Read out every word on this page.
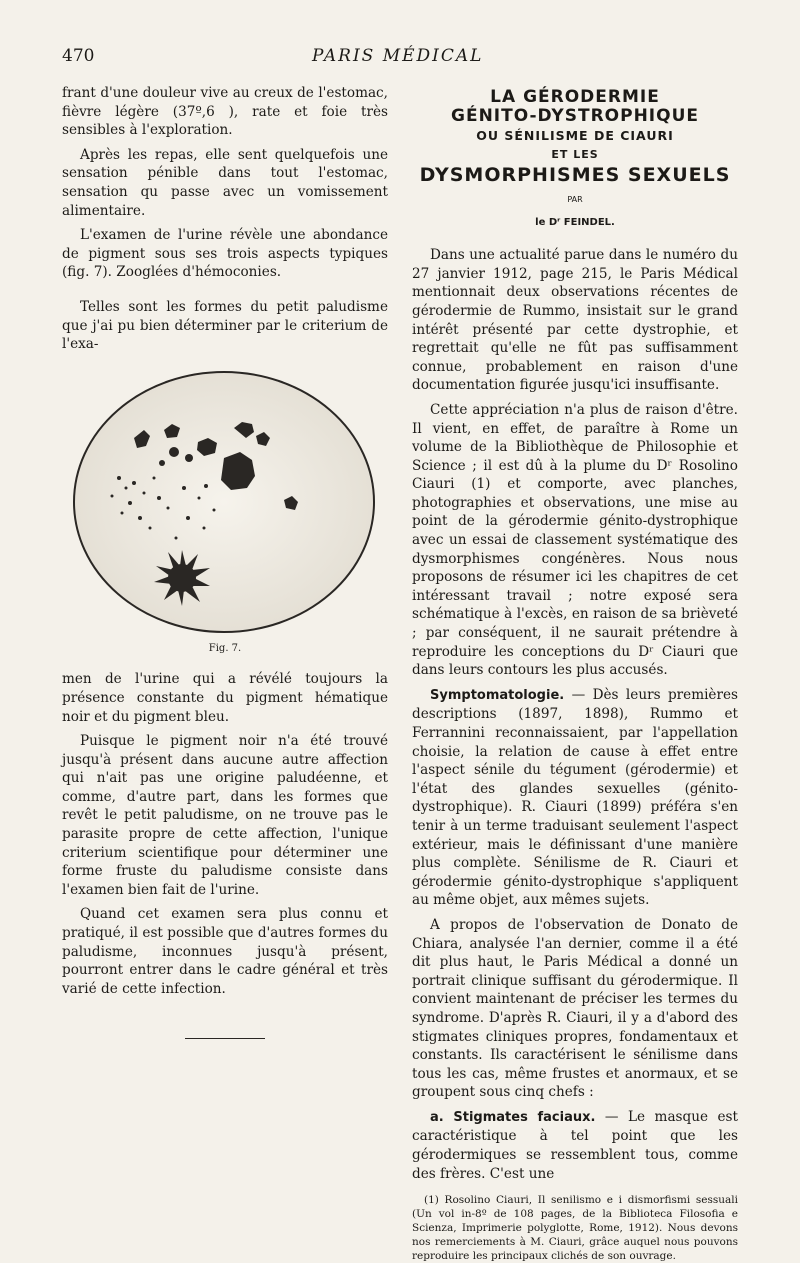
470	PARIS MÉDICAL

frant d'une douleur vive au creux de l'estomac, fièvre légère (37º,6 ), rate et foie très sensibles à l'exploration.

Après les repas, elle sent quelquefois une sensation pénible dans tout l'estomac, sensation qu passe avec un vomissement alimentaire.

L'examen de l'urine révèle une abondance de pigment sous ses trois aspects typiques (fig. 7). Zooglées d'hémoconies.

Telles sont les formes du petit paludisme que j'ai pu bien déterminer par le criterium de l'exa-

Fig. 7.

men de l'urine qui a révélé toujours la présence constante du pigment hématique noir et du pigment bleu.

Puisque le pigment noir n'a été trouvé jusqu'à présent dans aucune autre affection qui n'ait pas une origine paludéenne, et comme, d'autre part, dans les formes que revêt le petit paludisme, on ne trouve pas le parasite propre de cette affection, l'unique criterium scientifique pour déterminer une forme fruste du paludisme consiste dans l'examen bien fait de l'urine.

Quand cet examen sera plus connu et pratiqué, il est possible que d'autres formes du paludisme, inconnues jusqu'à présent, pourront entrer dans le cadre général et très varié de cette infection.

LA GÉRODERMIE
GÉNITO-DYSTROPHIQUE
OU SÉNILISME DE CIAURI
ET LES
DYSMORPHISMES SEXUELS
PAR
le Dʳ FEINDEL.

Dans une actualité parue dans le numéro du 27 janvier 1912, page 215, le Paris Médical mentionnait deux observations récentes de gérodermie de Rummo, insistait sur le grand intérêt présenté par cette dystrophie, et regrettait qu'elle ne fût pas suffisamment connue, probablement en raison d'une documentation figurée jusqu'ici insuffisante.

Cette appréciation n'a plus de raison d'être. Il vient, en effet, de paraître à Rome un volume de la Bibliothèque de Philosophie et Science ; il est dû à la plume du Dʳ Rosolino Ciauri (1) et comporte, avec planches, photographies et observations, une mise au point de la gérodermie génito-dystrophique avec un essai de classement systématique des dysmorphismes congénères. Nous nous proposons de résumer ici les chapitres de cet intéressant travail ; notre exposé sera schématique à l'excès, en raison de sa brièveté ; par conséquent, il ne saurait prétendre à reproduire les conceptions du Dʳ Ciauri que dans leurs contours les plus accusés.

Symptomatologie. — Dès leurs premières descriptions (1897, 1898), Rummo et Ferrannini reconnaissaient, par l'appellation choisie, la relation de cause à effet entre l'aspect sénile du tégument (gérodermie) et l'état des glandes sexuelles (génito-dystrophique). R. Ciauri (1899) préféra s'en tenir à un terme traduisant seulement l'aspect extérieur, mais le définissant d'une manière plus complète. Sénilisme de R. Ciauri et gérodermie génito-dystrophique s'appliquent au même objet, aux mêmes sujets.

A propos de l'observation de Donato de Chiara, analysée l'an dernier, comme il a été dit plus haut, le Paris Médical a donné un portrait clinique suffisant du gérodermique. Il convient maintenant de préciser les termes du syndrome. D'après R. Ciauri, il y a d'abord des stigmates cliniques propres, fondamentaux et constants. Ils caractérisent le sénilisme dans tous les cas, même frustes et anormaux, et se groupent sous cinq chefs :

a. Stigmates faciaux. — Le masque est caractéristique à tel point que les gérodermiques se ressemblent tous, comme des frères. C'est une

(1) Rosolino Ciauri, Il senilismo e i dismorfismi sessuali (Un vol in-8º de 108 pages, de la Biblioteca Filosofia e Scienza, Imprimerie polyglotte, Rome, 1912). Nous devons nos remerciements à M. Ciauri, grâce auquel nous pouvons reproduire les principaux clichés de son ouvrage.
